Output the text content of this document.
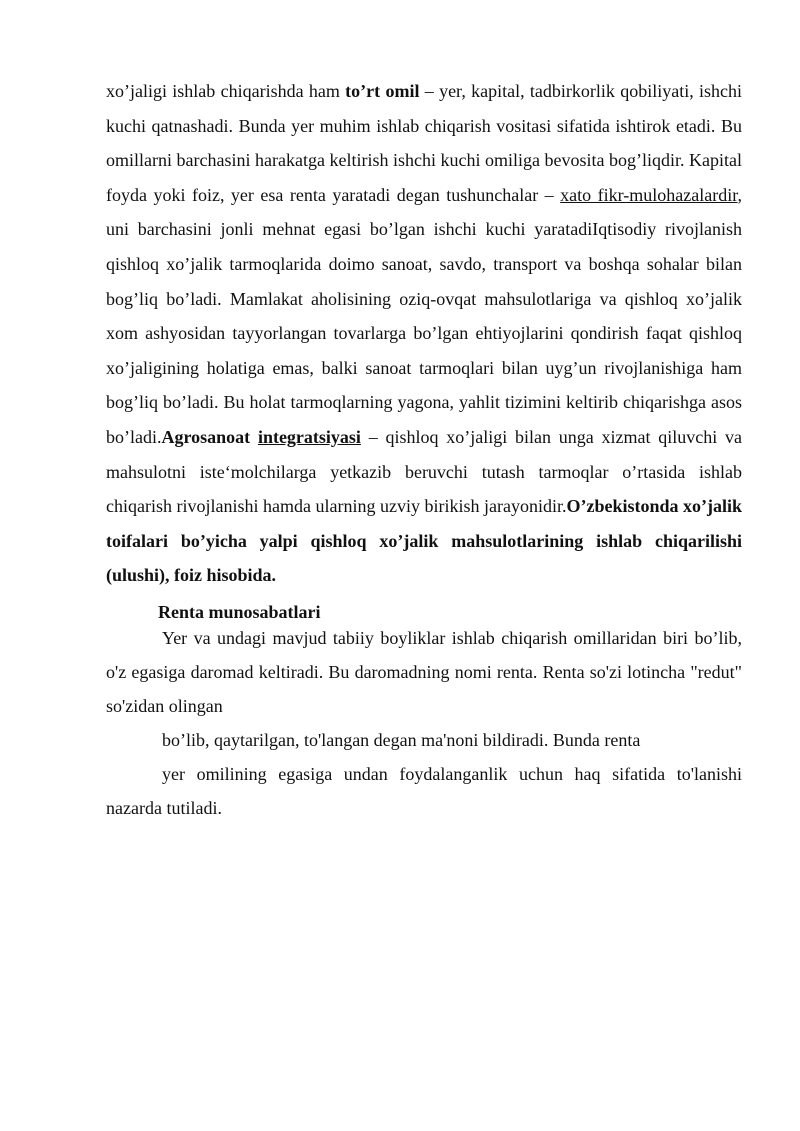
xo’jaligi ishlab chiqarishda ham to’rt omil – yer, kapital, tadbirkorlik qobiliyati, ishchi kuchi qatnashadi. Bunda yer muhim ishlab chiqarish vositasi sifatida ishtirok etadi. Bu omillarni barchasini harakatga keltirish ishchi kuchi omiliga bevosita bog’liqdir. Kapital foyda yoki foiz, yer esa renta yaratadi degan tushunchalar – xato fikr-mulohazalardir, uni barchasini jonli mehnat egasi bo’lgan ishchi kuchi yaratadiIqtisodiy rivojlanish qishloq xo’jalik tarmoqlarida doimo sanoat, savdo, transport va boshqa sohalar bilan bog’liq bo’ladi. Mamlakat aholisining oziq-ovqat mahsulotlariga va qishloq xo’jalik xom ashyosidan tayyorlangan tovarlarga bo’lgan ehtiyojlarini qondirish faqat qishloq xo’jaligining holatiga emas, balki sanoat tarmoqlari bilan uyg’un rivojlanishiga ham bog’liq bo’ladi. Bu holat tarmoqlarning yagona, yahlit tizimini keltirib chiqarishga asos bo’ladi.Agrosanoat integratsiyasi – qishloq xo’jaligi bilan unga xizmat qiluvchi va mahsulotni iste‘molchilarga yetkazib beruvchi tutash tarmoqlar o’rtasida ishlab chiqarish rivojlanishi hamda ularning uzviy birikish jarayonidir.O’zbekistonda xo’jalik toifalari bo’yicha yalpi qishloq xo’jalik mahsulotlarining ishlab chiqarilishi (ulushi), foiz hisobida.

Renta munosabatlari

Yer va undagi mavjud tabiiy boyliklar ishlab chiqarish omillaridan biri bo’lib, o'z egasiga daromad keltiradi. Bu daromadning nomi renta. Renta so'zi lotincha "redut" so'zidan olingan

bo’lib, qaytarilgan, to'langan degan ma'noni bildiradi. Bunda renta

yer omilining egasiga undan foydalanganlik uchun haq sifatida to'lanishi nazarda tutiladi.
